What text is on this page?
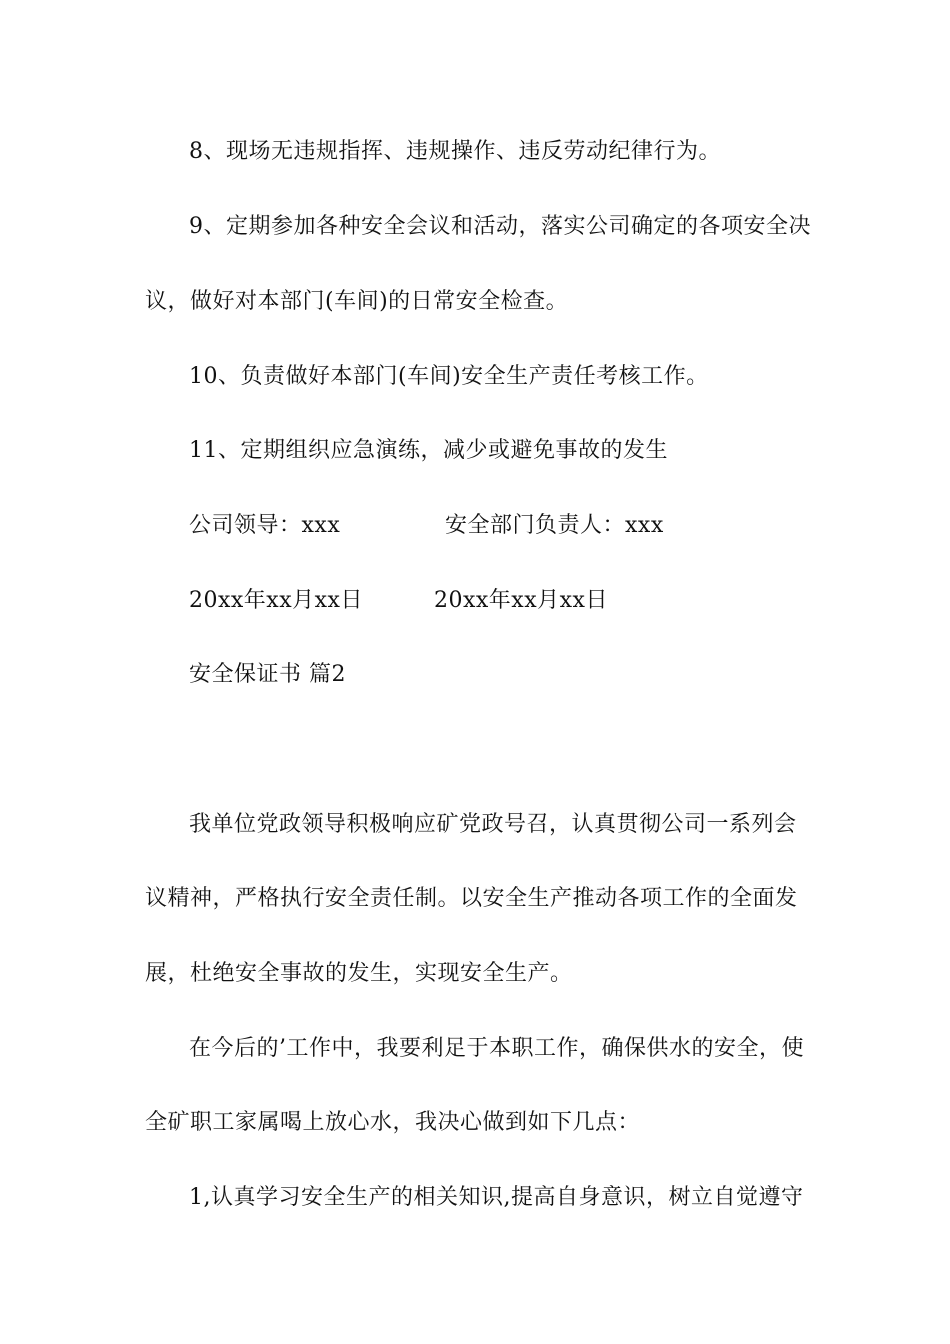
8、现场无违规指挥、违规操作、违反劳动纪律行为。
9、定期参加各种安全会议和活动，落实公司确定的各项安全决
议，做好对本部门(车间)的日常安全检查。
10、负责做好本部门(车间)安全生产责任考核工作。
11、定期组织应急演练，减少或避免事故的发生
公司领导：xxx	安全部门负责人：xxx
20xx年xx月xx日	20xx年xx月xx日
安全保证书 篇2
我单位党政领导积极响应矿党政号召，认真贯彻公司一系列会
议精神，严格执行安全责任制。以安全生产推动各项工作的全面发
展，杜绝安全事故的发生，实现安全生产。
在今后的’工作中，我要利足于本职工作，确保供水的安全，使
全矿职工家属喝上放心水，我决心做到如下几点：
1,认真学习安全生产的相关知识,提高自身意识，树立自觉遵守
